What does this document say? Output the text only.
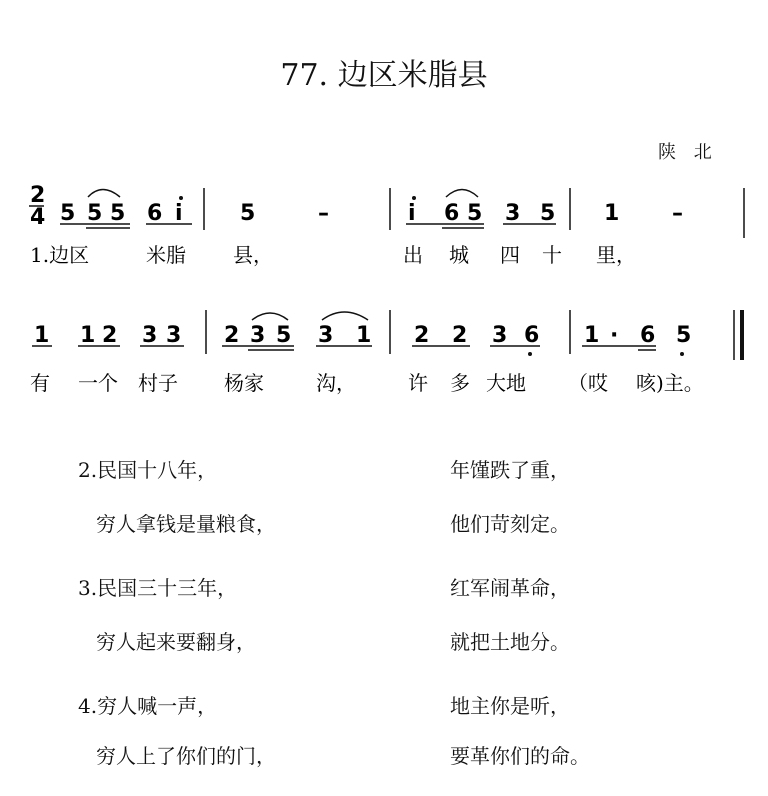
77. 边区米脂县
陕 北
2
4 5 5 5 6 i	5	–	i 6 5 3 5 1 –
1.边区	米脂 县，	出 城 四 十 里，
1 1 2 3 3 2 3 5 3 1 2 2 3 6 1 · 6 5
有 一个 村子 杨家	沟，	许 多 大地 （哎 咳)主。
2.民国十八年，	年馑跌了重，
穷人拿钱是量粮食，	他们苛刻定。
3.民国三十三年，	红军闹革命，
穷人起来要翻身，	就把土地分。
4.穷人喊一声，	地主你是听，
穷人上了你们的门，	要革你们的命。
